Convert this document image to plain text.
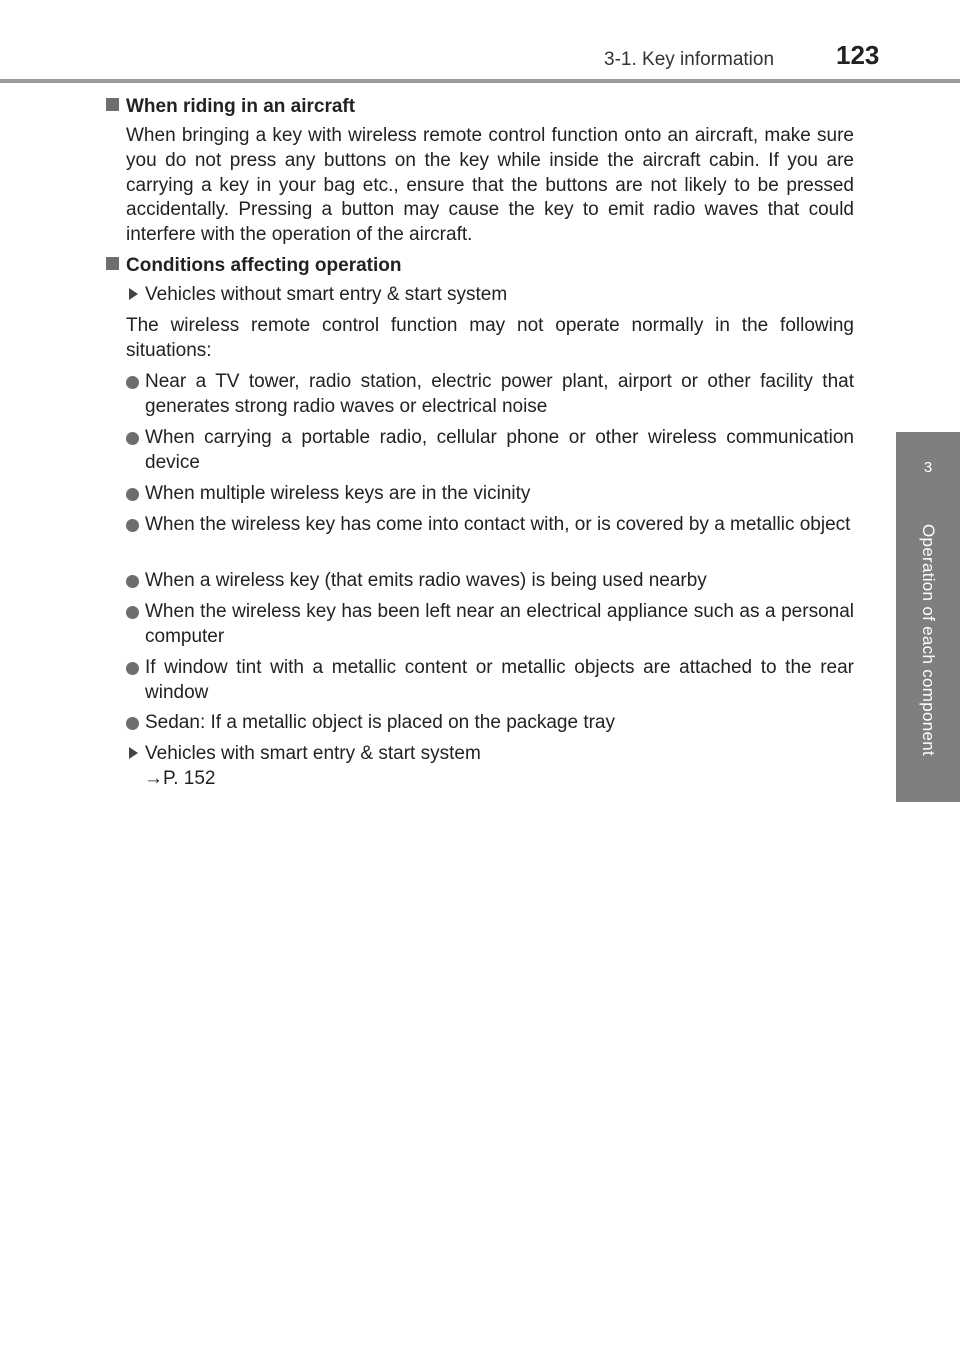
3-1. Key information 123
3
Operation of each component
When riding in an aircraft
When bringing a key with wireless remote control function onto an aircraft, make sure you do not press any buttons on the key while inside the aircraft cabin. If you are carrying a key in your bag etc., ensure that the buttons are not likely to be pressed accidentally. Pressing a button may cause the key to emit radio waves that could interfere with the operation of the aircraft.
Conditions affecting operation
Vehicles without smart entry & start system
The wireless remote control function may not operate normally in the following situations:
Near a TV tower, radio station, electric power plant, airport or other facility that generates strong radio waves or electrical noise
When carrying a portable radio, cellular phone or other wireless communication device
When multiple wireless keys are in the vicinity
When the wireless key has come into contact with, or is covered by a metallic object
When a wireless key (that emits radio waves) is being used nearby
When the wireless key has been left near an electrical appliance such as a personal computer
If window tint with a metallic content or metallic objects are attached to the rear window
Sedan: If a metallic object is placed on the package tray
Vehicles with smart entry & start system
→P. 152
